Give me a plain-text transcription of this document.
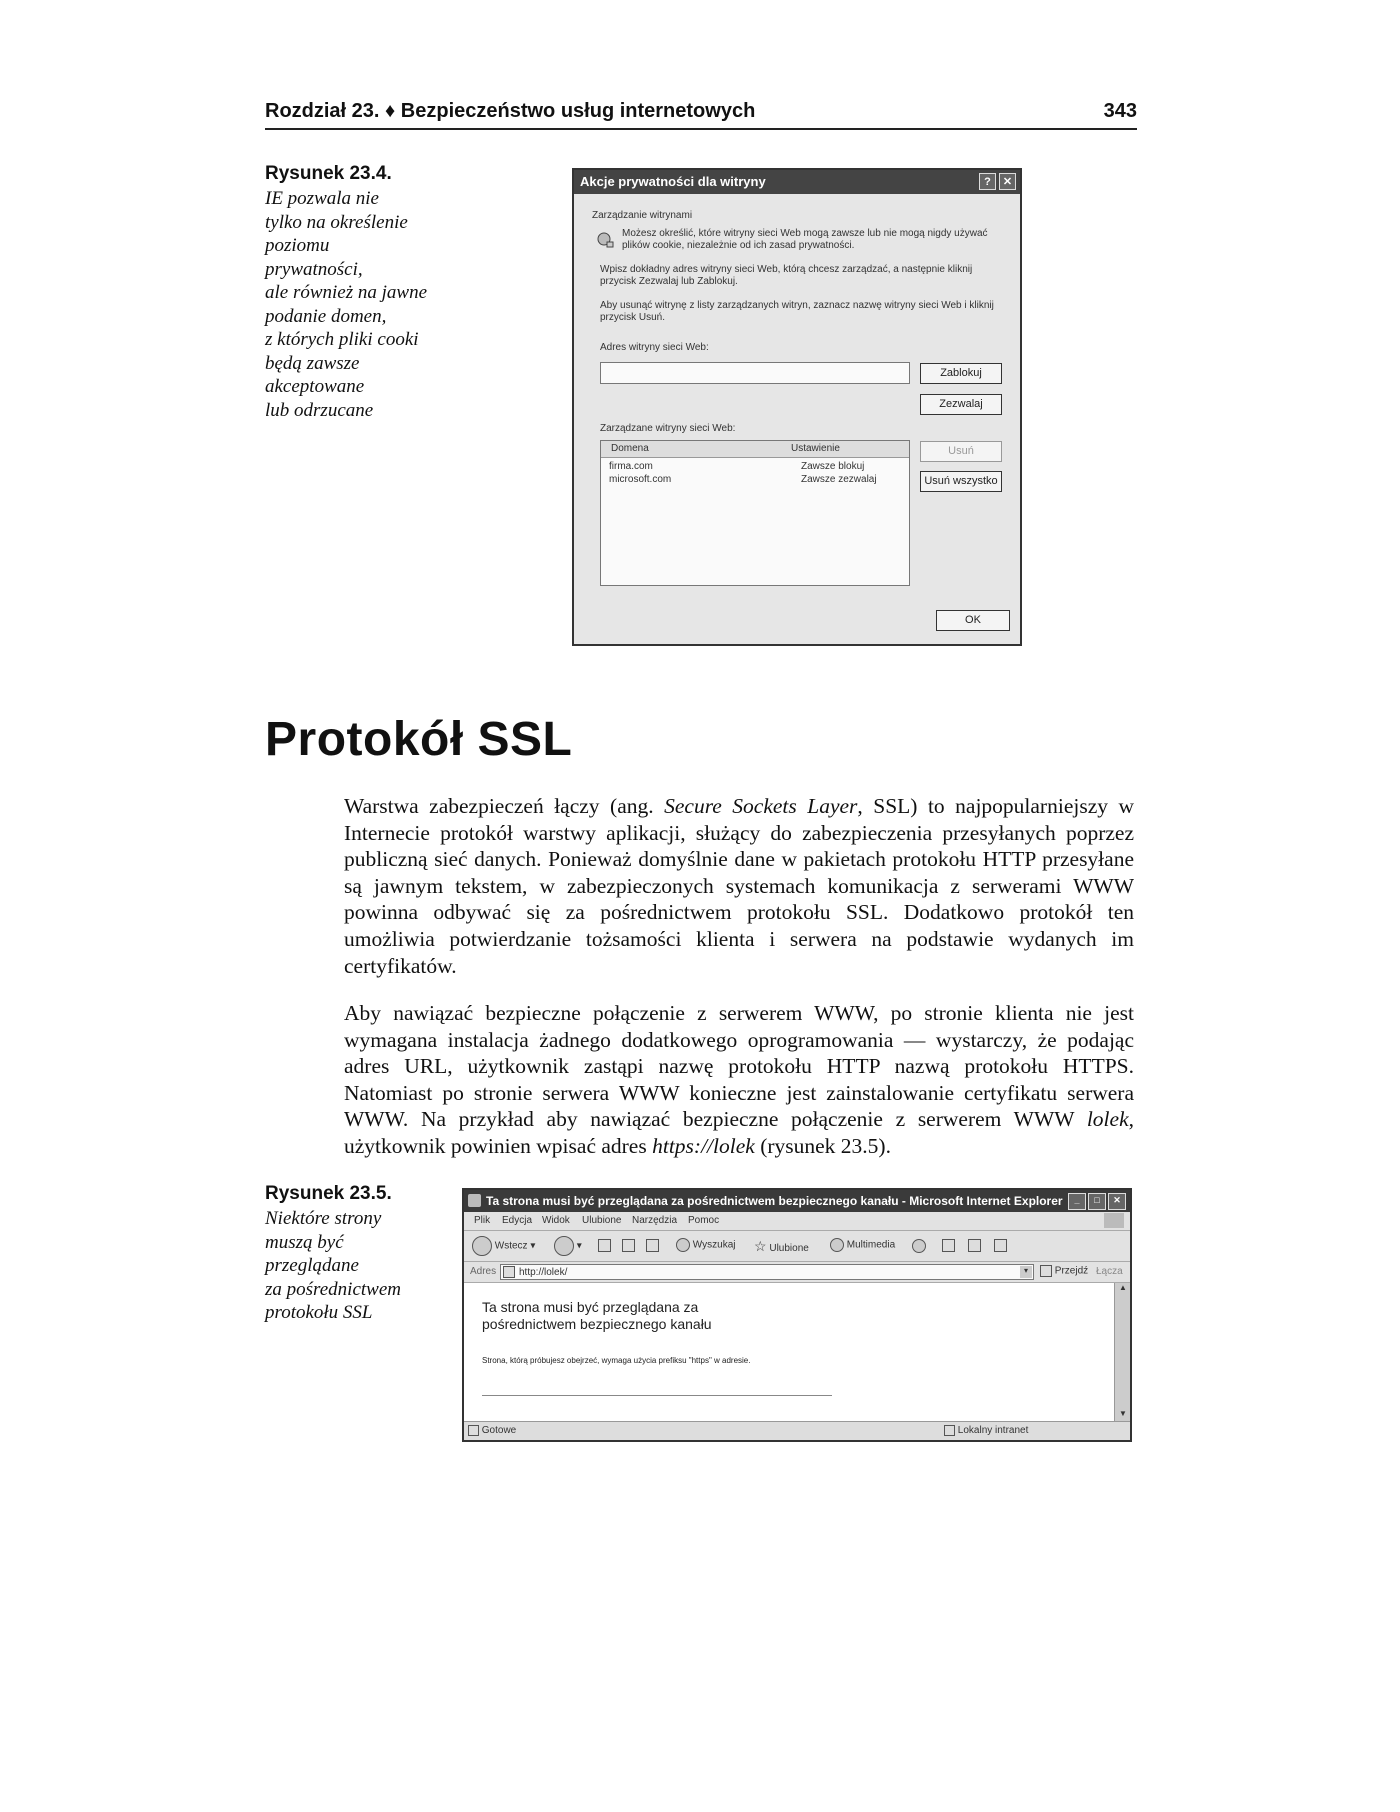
Rozdział 23. ♦ Bezpieczeństwo usług internetowych	343
Rysunek 23.4.
IE pozwala nie
tylko na określenie
poziomu
prywatności,
ale również na jawne
podanie domen,
z których pliki cooki
będą zawsze
akceptowane
lub odrzucane
Akcje prywatności dla witryny	?	✕
Zarządzanie witrynami
Możesz określić, które witryny sieci Web mogą zawsze lub nie mogą nigdy używać plików cookie, niezależnie od ich zasad prywatności.
Wpisz dokładny adres witryny sieci Web, którą chcesz zarządzać, a następnie kliknij przycisk Zezwalaj lub Zablokuj.
Aby usunąć witrynę z listy zarządzanych witryn, zaznacz nazwę witryny sieci Web i kliknij przycisk Usuń.
Adres witryny sieci Web:
Zablokuj
Zezwalaj
Zarządzane witryny sieci Web:
Domena	Ustawienie
firma.com	Zawsze blokuj
microsoft.com	Zawsze zezwalaj
Usuń
Usuń wszystko
OK
Protokół SSL
Warstwa zabezpieczeń łączy (ang. Secure Sockets Layer, SSL) to najpopularniejszy w Internecie protokół warstwy aplikacji, służący do zabezpieczenia przesyłanych poprzez publiczną sieć danych. Ponieważ domyślnie dane w pakietach protokołu HTTP przesyłane są jawnym tekstem, w zabezpieczonych systemach komunikacja z serwerami WWW powinna odbywać się za pośrednictwem protokołu SSL. Dodatkowo protokół ten umożliwia potwierdzanie tożsamości klienta i serwera na podstawie wydanych im certyfikatów.
Aby nawiązać bezpieczne połączenie z serwerem WWW, po stronie klienta nie jest wymagana instalacja żadnego dodatkowego oprogramowania — wystarczy, że podając adres URL, użytkownik zastąpi nazwę protokołu HTTP nazwą protokołu HTTPS. Natomiast po stronie serwera WWW konieczne jest zainstalowanie certyfikatu serwera WWW. Na przykład aby nawiązać bezpieczne połączenie z serwerem WWW lolek, użytkownik powinien wpisać adres https://lolek (rysunek 23.5).
Rysunek 23.5.
Niektóre strony
muszą być
przeglądane
za pośrednictwem
protokołu SSL
Ta strona musi być przeglądana za pośrednictwem bezpiecznego kanału - Microsoft Internet Explorer	_	□	✕
Plik Edycja Widok Ulubione Narzędzia Pomoc
Wstecz ▾	▾	Wyszukaj ☆ Ulubione	Multimedia
Adres http://lolek/	▾	Przejdź Łącza
Ta strona musi być przeglądana za pośrednictwem bezpiecznego kanału
Strona, którą próbujesz obejrzeć, wymaga użycia prefiksu "https" w adresie.
▲
▼
Gotowe	Lokalny intranet
